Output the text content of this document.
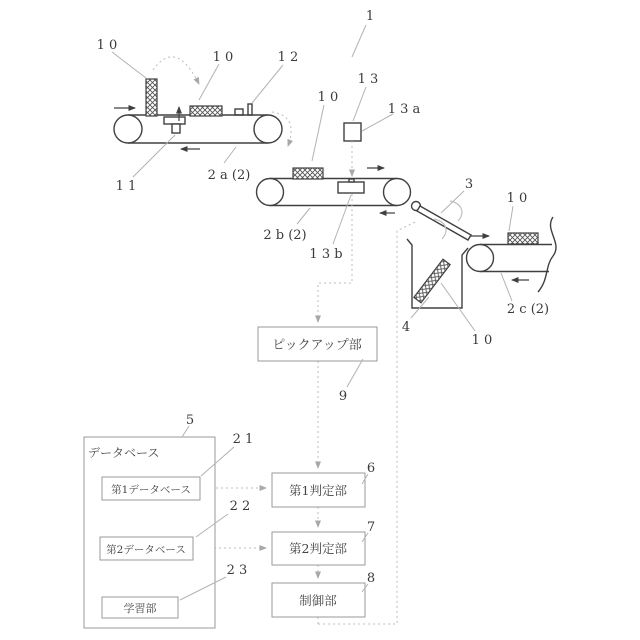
ピックアップ部
データベース
第1データベース
第2データベース
学習部
第1判定部
第2判定部
制御部
1
1 0
1 0	1 2
1 1
2 a (2)
1 0
1 3
1 3 a
2 b (2)
1 3 b
3
1 0
2 c (2)
4
1 0
9
5
2 1
2 2
2 3
6
7
8
